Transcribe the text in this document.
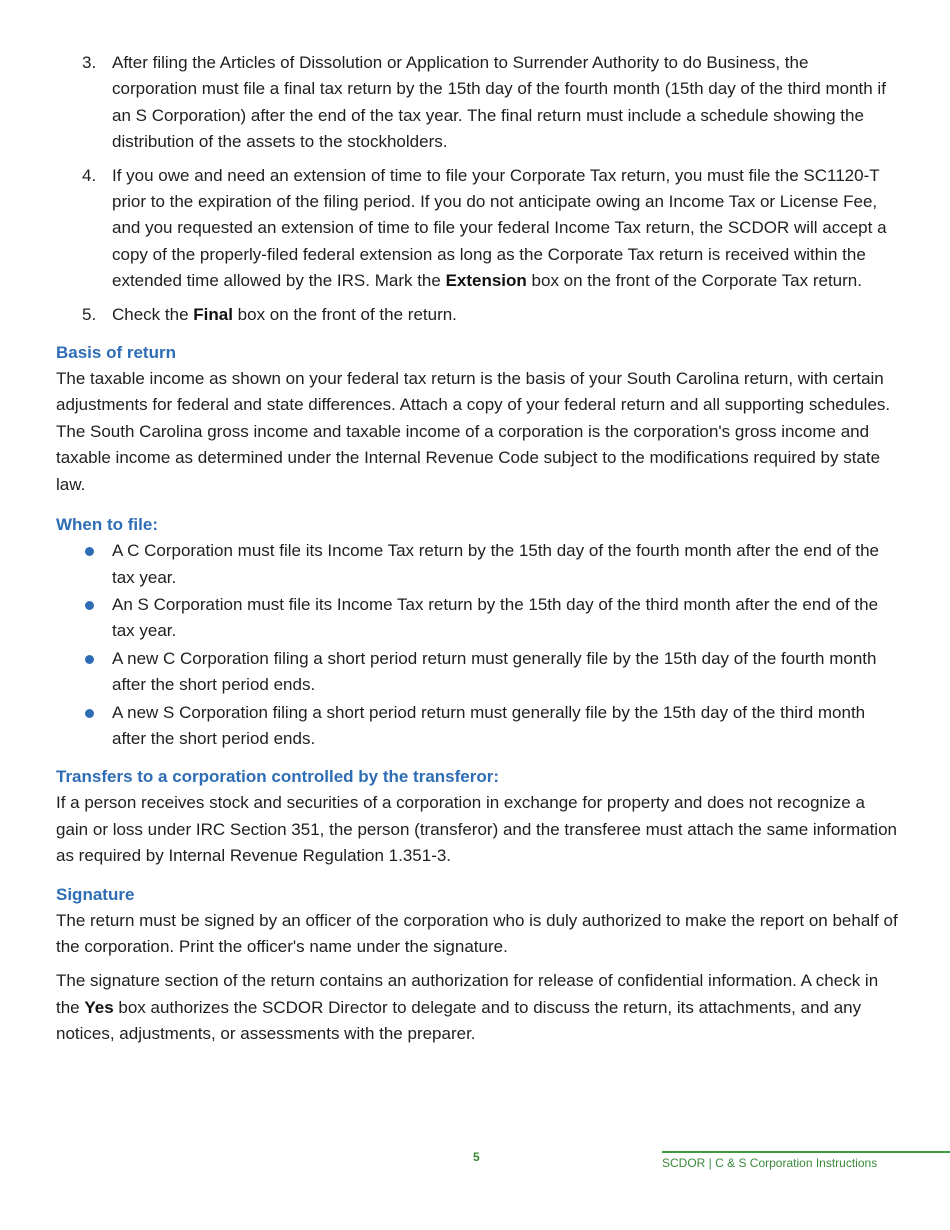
3. After filing the Articles of Dissolution or Application to Surrender Authority to do Business, the corporation must file a final tax return by the 15th day of the fourth month (15th day of the third month if an S Corporation) after the end of the tax year. The final return must include a schedule showing the distribution of the assets to the stockholders.
4. If you owe and need an extension of time to file your Corporate Tax return, you must file the SC1120-T prior to the expiration of the filing period. If you do not anticipate owing an Income Tax or License Fee, and you requested an extension of time to file your federal Income Tax return, the SCDOR will accept a copy of the properly-filed federal extension as long as the Corporate Tax return is received within the extended time allowed by the IRS. Mark the Extension box on the front of the Corporate Tax return.
5. Check the Final box on the front of the return.
Basis of return

The taxable income as shown on your federal tax return is the basis of your South Carolina return, with certain adjustments for federal and state differences. Attach a copy of your federal return and all supporting schedules. The South Carolina gross income and taxable income of a corporation is the corporation's gross income and taxable income as determined under the Internal Revenue Code subject to the modifications required by state law.

When to file:
A C Corporation must file its Income Tax return by the 15th day of the fourth month after the end of the tax year.
An S Corporation must file its Income Tax return by the 15th day of the third month after the end of the tax year.
A new C Corporation filing a short period return must generally file by the 15th day of the fourth month after the short period ends.
A new S Corporation filing a short period return must generally file by the 15th day of the third month after the short period ends.
Transfers to a corporation controlled by the transferor:

If a person receives stock and securities of a corporation in exchange for property and does not recognize a gain or loss under IRC Section 351, the person (transferor) and the transferee must attach the same information as required by Internal Revenue Regulation 1.351-3.

Signature

The return must be signed by an officer of the corporation who is duly authorized to make the report on behalf of the corporation. Print the officer's name under the signature.

The signature section of the return contains an authorization for release of confidential information. A check in the Yes box authorizes the SCDOR Director to delegate and to discuss the return, its attachments, and any notices, adjustments, or assessments with the preparer.

5	SCDOR | C & S Corporation Instructions
